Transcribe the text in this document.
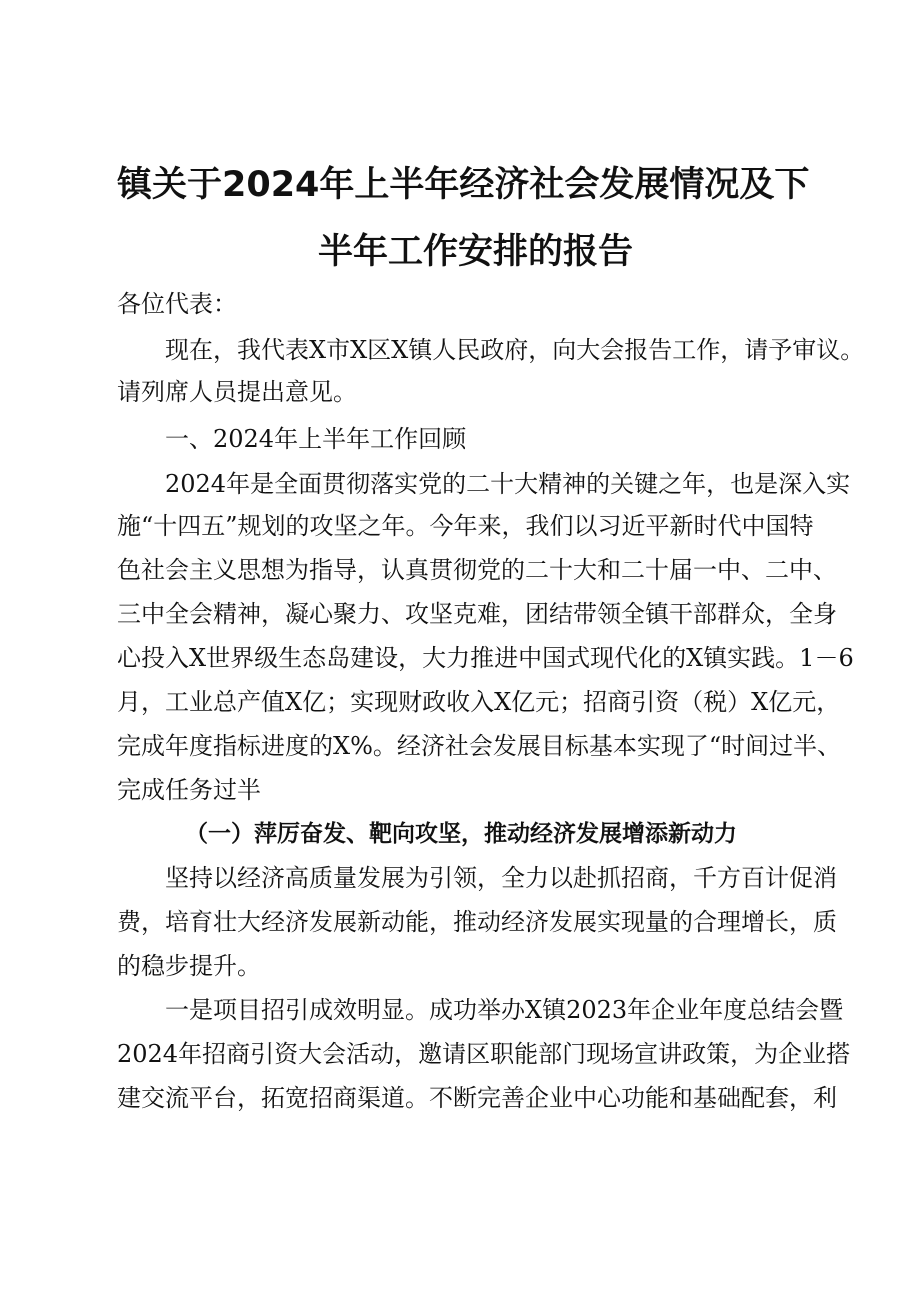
镇关于2024年上半年经济社会发展情况及下
半年工作安排的报告
各位代表：
现在，我代表X市X区X镇人民政府，向大会报告工作，请予审议。
请列席人员提出意见。
一、2024年上半年工作回顾
2024年是全面贯彻落实党的二十大精神的关键之年，也是深入实
施“十四五”规划的攻坚之年。今年来，我们以习近平新时代中国特
色社会主义思想为指导，认真贯彻党的二十大和二十届一中、二中、
三中全会精神，凝心聚力、攻坚克难，团结带领全镇干部群众，全身
心投入X世界级生态岛建设，大力推进中国式现代化的X镇实践。1－6
月，工业总产值X亿；实现财政收入X亿元；招商引资（税）X亿元，
完成年度指标进度的X%。经济社会发展目标基本实现了“时间过半、
完成任务过半
（一）萍厉奋发、靶向攻坚，推动经济发展增添新动力
坚持以经济高质量发展为引领，全力以赴抓招商，千方百计促消
费，培育壮大经济发展新动能，推动经济发展实现量的合理增长，质
的稳步提升。
一是项目招引成效明显。成功举办X镇2023年企业年度总结会暨
2024年招商引资大会活动，邀请区职能部门现场宣讲政策，为企业搭
建交流平台，拓宽招商渠道。不断完善企业中心功能和基础配套，利
